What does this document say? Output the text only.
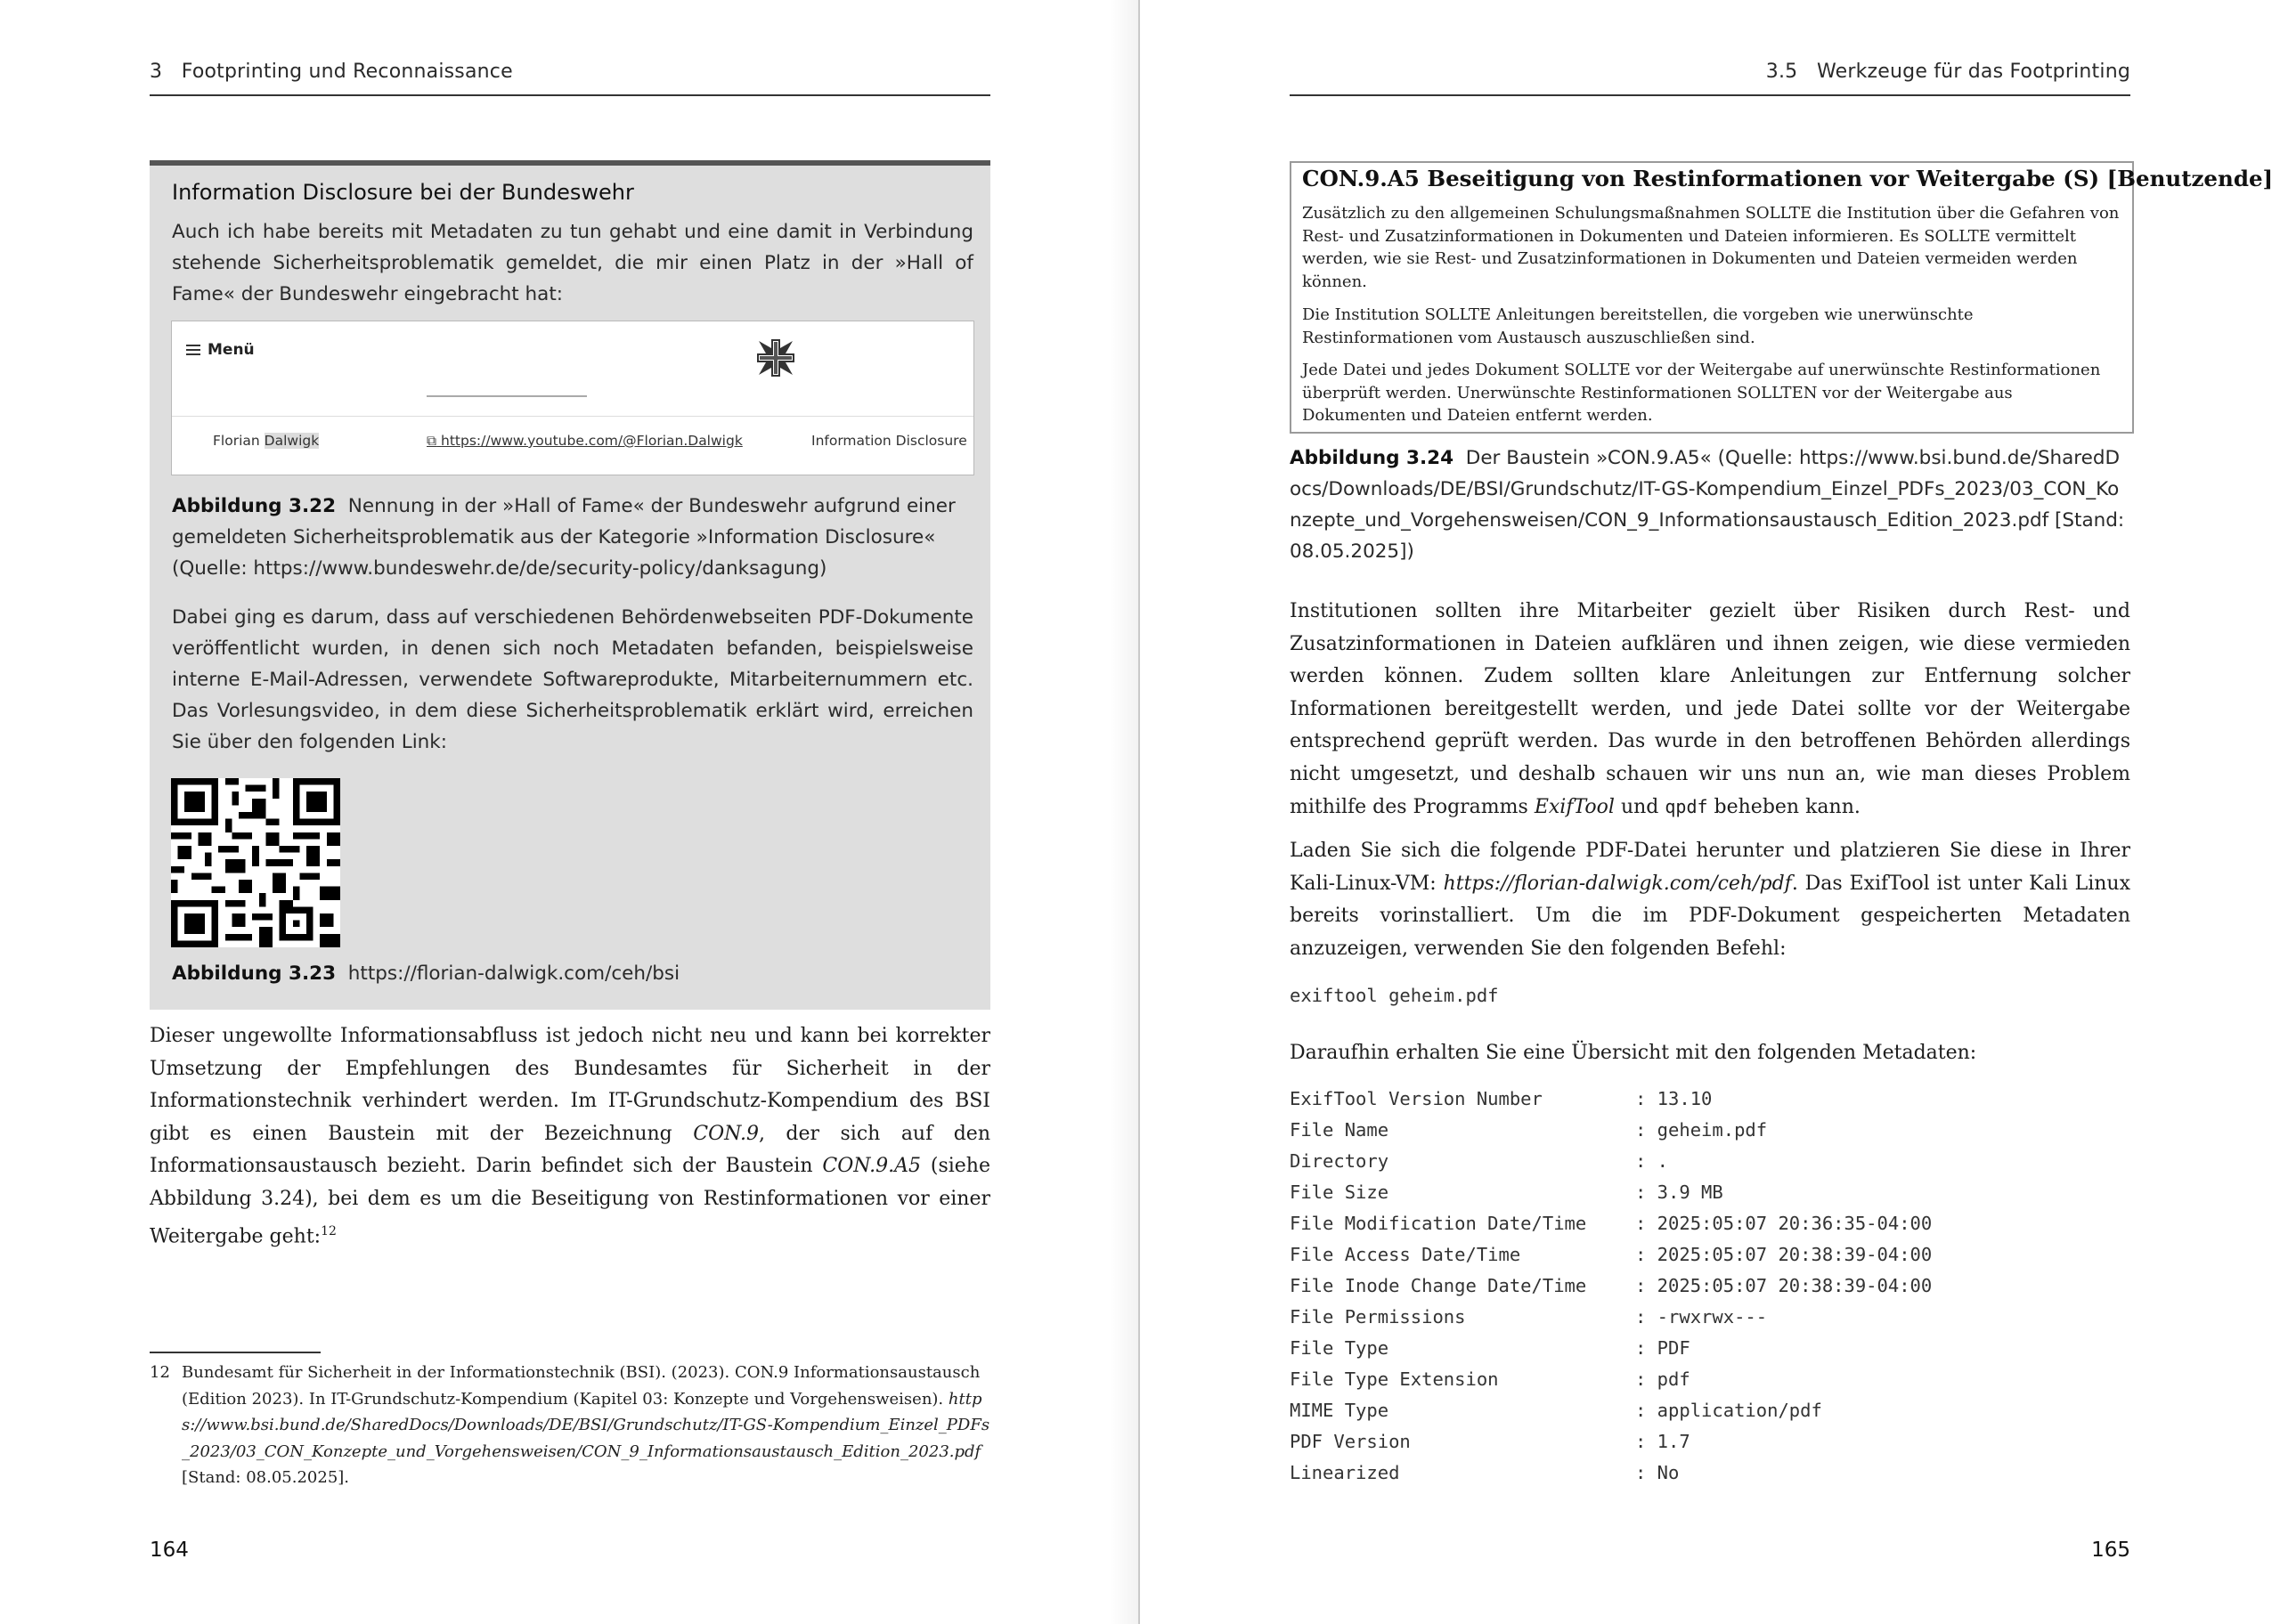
3 Footprinting und Reconnaissance
Information Disclosure bei der Bundeswehr

Auch ich habe bereits mit Metadaten zu tun gehabt und eine damit in Verbindung stehende Sicherheitsproblematik gemeldet, die mir einen Platz in der »Hall of Fame« der Bundeswehr eingebracht hat:

Menü
Florian Dalwigk	⧉ https://www.youtube.com/@Florian.Dalwigk	Information Disclosure
Abbildung 3.22 Nennung in der »Hall of Fame« der Bundeswehr aufgrund einer gemeldeten Sicherheitsproblematik aus der Kategorie »Information Disclosure« (Quelle: https://www.bundeswehr.de/de/security-policy/danksagung)

Dabei ging es darum, dass auf verschiedenen Behördenwebseiten PDF-Dokumente veröffentlicht wurden, in denen sich noch Metadaten befanden, beispielsweise interne E-Mail-Adressen, verwendete Softwareprodukte, Mitarbeiternummern etc. Das Vorlesungsvideo, in dem diese Sicherheitsproblematik erklärt wird, erreichen Sie über den folgenden Link:

Abbildung 3.23 https://florian-dalwigk.com/ceh/bsi

Dieser ungewollte Informationsabfluss ist jedoch nicht neu und kann bei korrekter Umsetzung der Empfehlungen des Bundesamtes für Sicherheit in der Informationstechnik verhindert werden. Im IT-Grundschutz-Kompendium des BSI gibt es einen Baustein mit der Bezeichnung CON.9, der sich auf den Informationsaustausch bezieht. Darin befindet sich der Baustein CON.9.A5 (siehe Abbildung 3.24), bei dem es um die Beseitigung von Restinformationen vor einer Weitergabe geht:$^{12}$

12 Bundesamt für Sicherheit in der Informationstechnik (BSI). (2023). CON.9 Informationsaustausch (Edition 2023). In IT-Grundschutz-Kompendium (Kapitel 03: Konzepte und Vorgehensweisen). https://www.bsi.bund.de/SharedDocs/Downloads/DE/BSI/Grundschutz/IT-GS-Kompendium_Einzel_PDFs_2023/03_CON_Konzepte_und_Vorgehensweisen/CON_9_Informationsaustausch_Edition_2023.pdf [Stand: 08.05.2025].
164
3.5 Werkzeuge für das Footprinting
CON.9.A5 Beseitigung von Restinformationen vor Weitergabe (S) [Benutzende]

Zusätzlich zu den allgemeinen Schulungsmaßnahmen SOLLTE die Institution über die Gefahren von Rest- und Zusatzinformationen in Dokumenten und Dateien informieren. Es SOLLTE vermittelt werden, wie sie Rest- und Zusatzinformationen in Dokumenten und Dateien vermeiden werden können.

Die Institution SOLLTE Anleitungen bereitstellen, die vorgeben wie unerwünschte Restinformationen vom Austausch auszuschließen sind.

Jede Datei und jedes Dokument SOLLTE vor der Weitergabe auf unerwünschte Restinformationen überprüft werden. Unerwünschte Restinformationen SOLLTEN vor der Weitergabe aus Dokumenten und Dateien entfernt werden.

Abbildung 3.24 Der Baustein »CON.9.A5« (Quelle: https://www.bsi.bund.de/SharedDocs/Downloads/DE/BSI/Grundschutz/IT-GS-Kompendium_Einzel_PDFs_2023/03_CON_Konzepte_und_Vorgehensweisen/CON_9_Informationsaustausch_Edition_2023.pdf [Stand: 08.05.2025])

Institutionen sollten ihre Mitarbeiter gezielt über Risiken durch Rest- und Zusatzinformationen in Dateien aufklären und ihnen zeigen, wie diese vermieden werden können. Zudem sollten klare Anleitungen zur Entfernung solcher Informationen bereitgestellt werden, und jede Datei sollte vor der Weitergabe entsprechend geprüft werden. Das wurde in den betroffenen Behörden allerdings nicht umgesetzt, und deshalb schauen wir uns nun an, wie man dieses Problem mithilfe des Programms ExifTool und qpdf beheben kann.

Laden Sie sich die folgende PDF-Datei herunter und platzieren Sie diese in Ihrer Kali-Linux-VM: https://florian-dalwigk.com/ceh/pdf. Das ExifTool ist unter Kali Linux bereits vorinstalliert. Um die im PDF-Dokument gespeicherten Metadaten anzuzeigen, verwenden Sie den folgenden Befehl:

exiftool geheim.pdf

Daraufhin erhalten Sie eine Übersicht mit den folgenden Metadaten:

ExifTool Version Number	: 13.10
File Name	: geheim.pdf
Directory	: .
File Size	: 3.9 MB
File Modification Date/Time	: 2025:05:07 20:36:35-04:00
File Access Date/Time	: 2025:05:07 20:38:39-04:00
File Inode Change Date/Time	: 2025:05:07 20:38:39-04:00
File Permissions	: -rwxrwx---
File Type	: PDF
File Type Extension	: pdf
MIME Type	: application/pdf
PDF Version	: 1.7
Linearized	: No
165
